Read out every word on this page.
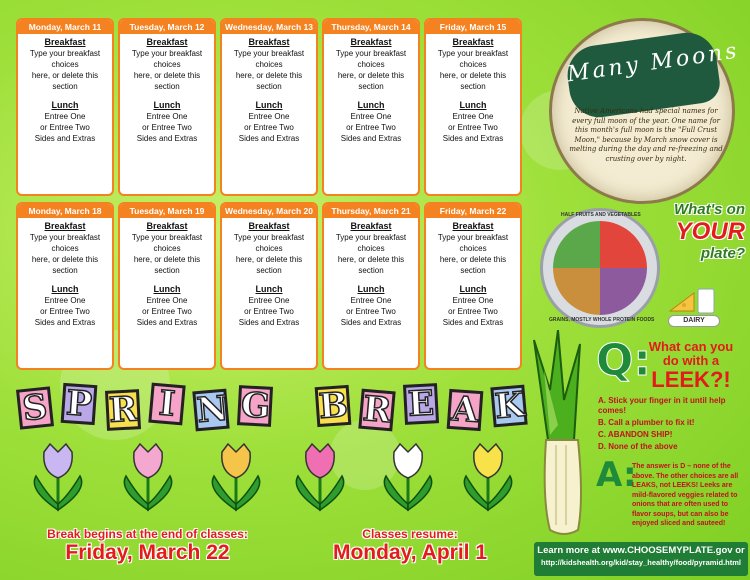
Monday, March 11
Breakfast
Type your breakfast choices
here, or delete this section
Lunch
Entree One
or Entree Two
Sides and Extras
Tuesday, March 12
Breakfast
Type your breakfast choices
here, or delete this section
Lunch
Entree One
or Entree Two
Sides and Extras
Wednesday, March 13
Breakfast
Type your breakfast choices
here, or delete this section
Lunch
Entree One
or Entree Two
Sides and Extras
Thursday, March 14
Breakfast
Type your breakfast choices
here, or delete this section
Lunch
Entree One
or Entree Two
Sides and Extras
Friday, March 15
Breakfast
Type your breakfast choices
here, or delete this section
Lunch
Entree One
or Entree Two
Sides and Extras
Monday, March 18
Breakfast
Type your breakfast choices
here, or delete this section
Lunch
Entree One
or Entree Two
Sides and Extras
Tuesday, March 19
Breakfast
Type your breakfast choices
here, or delete this section
Lunch
Entree One
or Entree Two
Sides and Extras
Wednesday, March 20
Breakfast
Type your breakfast choices
here, or delete this section
Lunch
Entree One
or Entree Two
Sides and Extras
Thursday, March 21
Breakfast
Type your breakfast choices
here, or delete this section
Lunch
Entree One
or Entree Two
Sides and Extras
Friday, March 22
Breakfast
Type your breakfast choices
here, or delete this section
Lunch
Entree One
or Entree Two
Sides and Extras
Many Moons
Native Americans had special names for every full moon of the year. One name for this month's full moon is the "Full Crust Moon," because by March snow cover is melting during the day and re-freezing and crusting over by night.
HALF FRUITS AND VEGETABLES
GRAINS, MOSTLY WHOLE PROTEIN FOODS
What's on
YOUR
plate?
DAIRY
Q:
What can you
do with a
LEEK?!
A. Stick your finger in it until help comes!
B. Call a plumber to fix it!
C. ABANDON SHIP!
D. None of the above
A:
The answer is D – none of the above. The other choices are all LEAKS, not LEEKS! Leeks are mild-flavored veggies related to onions that are often used to flavor soups, but can also be enjoyed sliced and sauteed!
Learn more at www.CHOOSEMYPLATE.gov or
http://kidshealth.org/kid/stay_healthy/food/pyramid.html
S P R I N G B R E A K
Break begins at the end of classes:
Friday, March 22
Classes resume:
Monday, April 1
